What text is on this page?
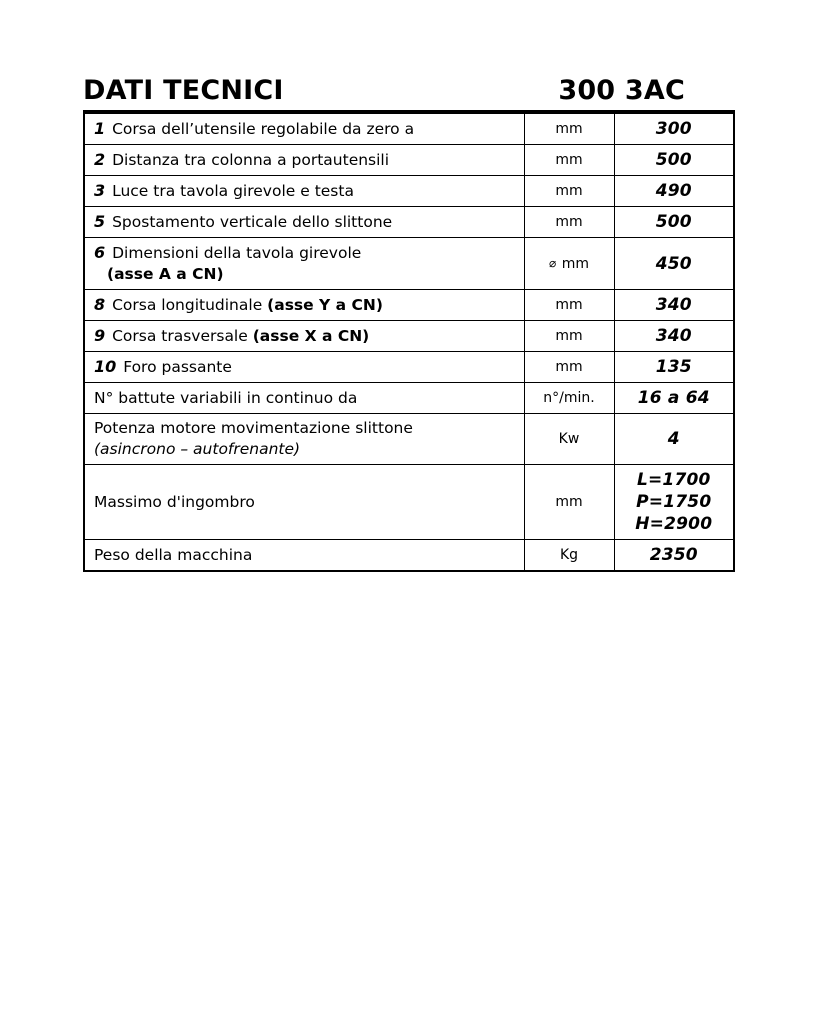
DATI TECNICI	300 3AC
1 Corsa dell’utensile regolabile da zero a	mm	300

2 Distanza tra colonna a portautensili	mm	500

3 Luce tra tavola girevole e testa	mm	490

5 Spostamento verticale dello slittone	mm	500

6 Dimensioni della tavola girevole
(asse A a CN)	⌀ mm	450

8 Corsa longitudinale (asse Y a CN)	mm	340

9 Corsa trasversale (asse X a CN)	mm	340

10 Foro passante	mm	135

N° battute variabili in continuo da	n°/min.	16 a 64

Potenza motore movimentazione slittone
(asincrono – autofrenante)	Kw	4

Massimo d'ingombro	mm	L=1700
P=1750
H=2900

Peso della macchina	Kg	2350
